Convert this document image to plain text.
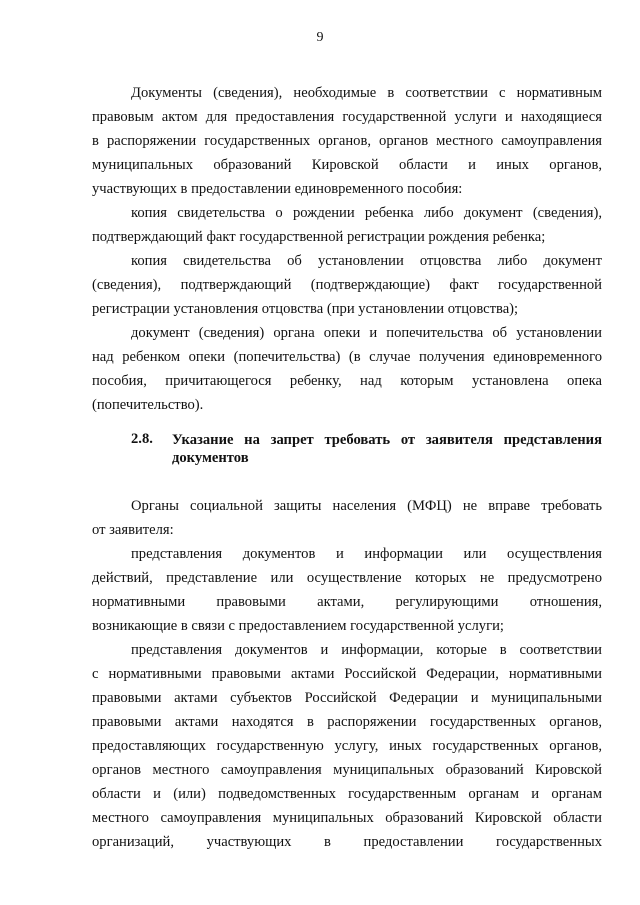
9
Документы (сведения), необходимые в соответствии с нормативным
правовым актом для предоставления государственной услуги и находящиеся
в распоряжении государственных органов, органов местного самоуправления
муниципальных образований Кировской области и иных органов,
участвующих в предоставлении единовременного пособия:
копия свидетельства о рождении ребенка либо документ (сведения),
подтверждающий факт государственной регистрации рождения ребенка;
копия свидетельства об установлении отцовства либо документ
(сведения), подтверждающий (подтверждающие) факт государственной
регистрации установления отцовства (при установлении отцовства);
документ (сведения) органа опеки и попечительства об установлении
над ребенком опеки (попечительства) (в случае получения единовременного
пособия, причитающегося ребенку, над которым установлена опека
(попечительство).
2.8. Указание на запрет требовать от заявителя представления
документов
Органы социальной защиты населения (МФЦ) не вправе требовать
от заявителя:
представления документов и информации или осуществления
действий, представление или осуществление которых не предусмотрено
нормативными правовыми актами, регулирующими отношения,
возникающие в связи с предоставлением государственной услуги;
представления документов и информации, которые в соответствии
с нормативными правовыми актами Российской Федерации, нормативными
правовыми актами субъектов Российской Федерации и муниципальными
правовыми актами находятся в распоряжении государственных органов,
предоставляющих государственную услугу, иных государственных органов,
органов местного самоуправления муниципальных образований Кировской
области и (или) подведомственных государственным органам и органам
местного самоуправления муниципальных образований Кировской области
организаций, участвующих в предоставлении государственных
